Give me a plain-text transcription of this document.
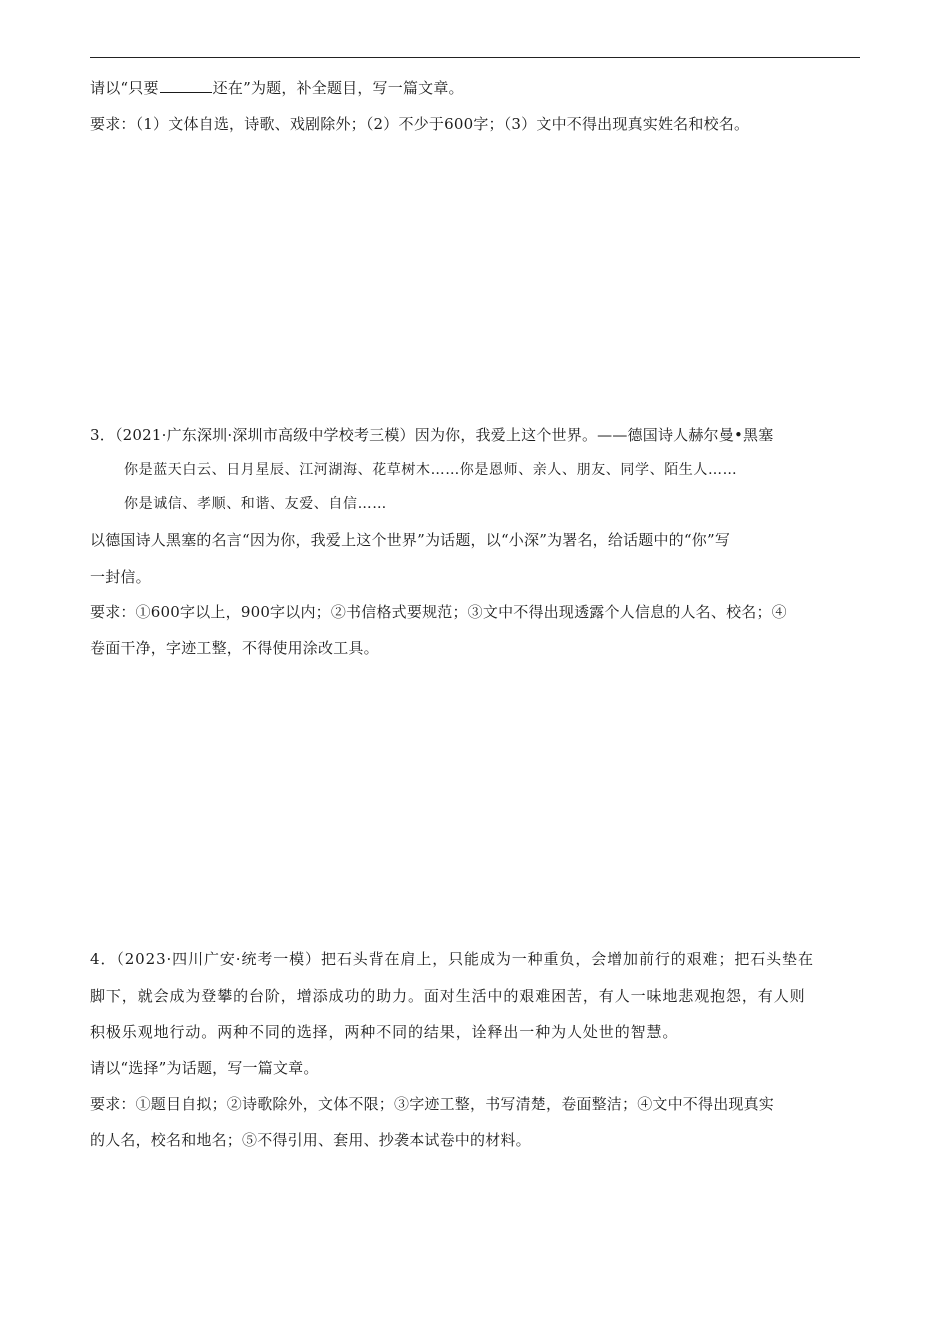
请以“只要	还在”为题，补全题目，写一篇文章。
要求：（1）文体自选，诗歌、戏剧除外；（2）不少于600字；（3）文中不得出现真实姓名和校名。
3．（2021·广东深圳·深圳市高级中学校考三模）因为你，我爱上这个世界。——德国诗人赫尔曼•黑塞
你是蓝天白云、日月星辰、江河湖海、花草树木……你是恩师、亲人、朋友、同学、陌生人……
你是诚信、孝顺、和谐、友爱、自信……
以德国诗人黑塞的名言“因为你，我爱上这个世界”为话题，以“小深”为署名，给话题中的“你”写
一封信。
要求：①600字以上，900字以内；②书信格式要规范；③文中不得出现透露个人信息的人名、校名；④
卷面干净，字迹工整，不得使用涂改工具。
4．（2023·四川广安·统考一模）把石头背在肩上，只能成为一种重负，会增加前行的艰难；把石头垫在
脚下，就会成为登攀的台阶，增添成功的助力。面对生活中的艰难困苦，有人一味地悲观抱怨，有人则
积极乐观地行动。两种不同的选择，两种不同的结果，诠释出一种为人处世的智慧。
请以“选择”为话题，写一篇文章。
要求：①题目自拟；②诗歌除外，文体不限；③字迹工整，书写清楚，卷面整洁；④文中不得出现真实
的人名，校名和地名；⑤不得引用、套用、抄袭本试卷中的材料。
